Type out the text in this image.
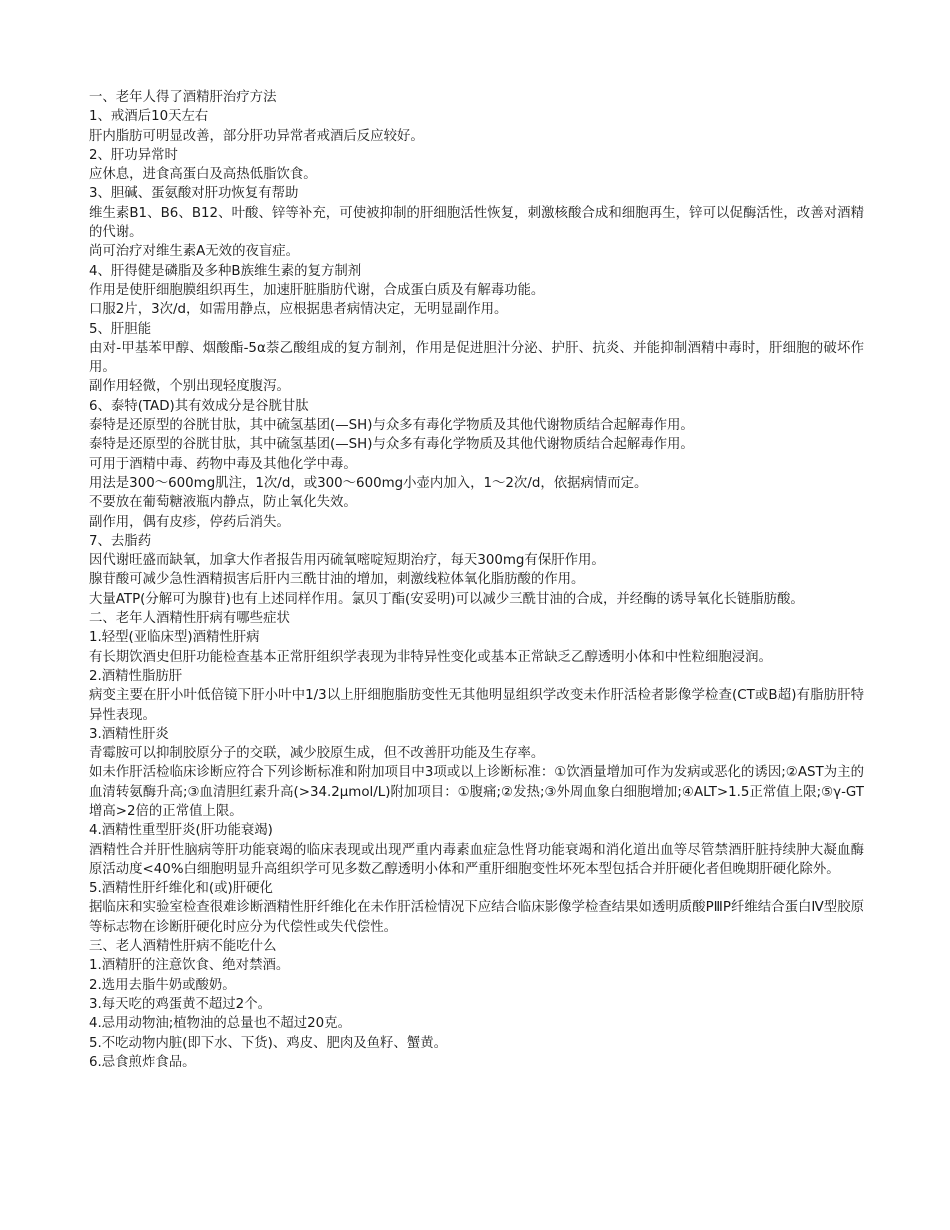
一、老年人得了酒精肝治疗方法

1、戒酒后10天左右

肝内脂肪可明显改善，部分肝功异常者戒酒后反应较好。

2、肝功异常时

应休息，进食高蛋白及高热低脂饮食。

3、胆碱、蛋氨酸对肝功恢复有帮助

维生素B1、B6、B12、叶酸、锌等补充，可使被抑制的肝细胞活性恢复，刺激核酸合成和细胞再生，锌可以促酶活性，改善对酒精的代谢。

尚可治疗对维生素A无效的夜盲症。

4、肝得健是磷脂及多种B族维生素的复方制剂

作用是使肝细胞膜组织再生，加速肝脏脂肪代谢，合成蛋白质及有解毒功能。

口服2片，3次/d，如需用静点，应根据患者病情决定，无明显副作用。

5、肝胆能

由对-甲基苯甲醇、烟酸酯-5α萘乙酸组成的复方制剂，作用是促进胆汁分泌、护肝、抗炎、并能抑制酒精中毒时，肝细胞的破坏作用。

副作用轻微，个别出现轻度腹泻。

6、泰特(TAD)其有效成分是谷胱甘肽

泰特是还原型的谷胱甘肽，其中硫氢基团(—SH)与众多有毒化学物质及其他代谢物质结合起解毒作用。

泰特是还原型的谷胱甘肽，其中硫氢基团(—SH)与众多有毒化学物质及其他代谢物质结合起解毒作用。

可用于酒精中毒、药物中毒及其他化学中毒。

用法是300～600mg肌注，1次/d，或300～600mg小壶内加入，1～2次/d，依据病情而定。

不要放在葡萄糖液瓶内静点，防止氧化失效。

副作用，偶有皮疹，停药后消失。

7、去脂药

因代谢旺盛而缺氧，加拿大作者报告用丙硫氧嘧啶短期治疗，每天300mg有保肝作用。

腺苷酸可减少急性酒精损害后肝内三酰甘油的增加，刺激线粒体氧化脂肪酸的作用。

大量ATP(分解可为腺苷)也有上述同样作用。氯贝丁酯(安妥明)可以减少三酰甘油的合成，并经酶的诱导氧化长链脂肪酸。

二、老年人酒精性肝病有哪些症状

1.轻型(亚临床型)酒精性肝病

有长期饮酒史但肝功能检查基本正常肝组织学表现为非特异性变化或基本正常缺乏乙醇透明小体和中性粒细胞浸润。

2.酒精性脂肪肝

病变主要在肝小叶低倍镜下肝小叶中1/3以上肝细胞脂肪变性无其他明显组织学改变未作肝活检者影像学检查(CT或B超)有脂肪肝特异性表现。

3.酒精性肝炎

青霉胺可以抑制胶原分子的交联，减少胶原生成，但不改善肝功能及生存率。

如未作肝活检临床诊断应符合下列诊断标准和附加项目中3项或以上诊断标准：①饮酒量增加可作为发病或恶化的诱因;②AST为主的血清转氨酶升高;③血清胆红素升高(>34.2μmol/L)附加项目：①腹痛;②发热;③外周血象白细胞增加;④ALT>1.5正常值上限;⑤γ-GT增高>2倍的正常值上限。

4.酒精性重型肝炎(肝功能衰竭)

酒精性合并肝性脑病等肝功能衰竭的临床表现或出现严重内毒素血症急性肾功能衰竭和消化道出血等尽管禁酒肝脏持续肿大凝血酶原活动度<40%白细胞明显升高组织学可见多数乙醇透明小体和严重肝细胞变性坏死本型包括合并肝硬化者但晚期肝硬化除外。

5.酒精性肝纤维化和(或)肝硬化

据临床和实验室检查很难诊断酒精性肝纤维化在未作肝活检情况下应结合临床影像学检查结果如透明质酸PⅢP纤维结合蛋白Ⅳ型胶原等标志物在诊断肝硬化时应分为代偿性或失代偿性。

三、老人酒精性肝病不能吃什么

1.酒精肝的注意饮食、绝对禁酒。

2.选用去脂牛奶或酸奶。

3.每天吃的鸡蛋黄不超过2个。

4.忌用动物油;植物油的总量也不超过20克。

5.不吃动物内脏(即下水、下货)、鸡皮、肥肉及鱼籽、蟹黄。

6.忌食煎炸食品。
